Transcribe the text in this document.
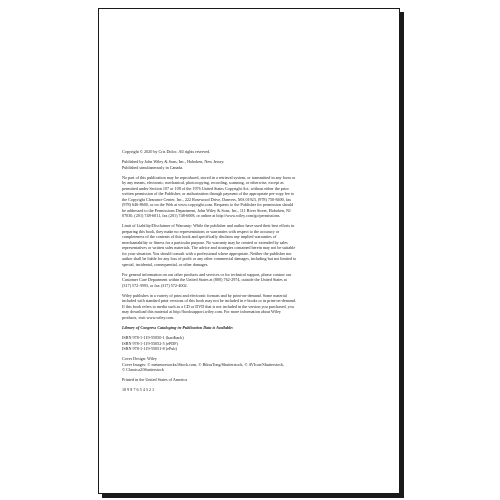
Copyright © 2020 by Cris Doloc. All rights reserved.

Published by John Wiley & Sons, Inc., Hoboken, New Jersey.
Published simultaneously in Canada.

No part of this publication may be reproduced, stored in a retrieval system, or transmitted in any form or
by any means, electronic, mechanical, photocopying, recording, scanning, or otherwise, except as
permitted under Section 107 or 108 of the 1976 United States Copyright Act, without either the prior
written permission of the Publisher, or authorization through payment of the appropriate per-copy fee to
the Copyright Clearance Center, Inc., 222 Rosewood Drive, Danvers, MA 01923, (978) 750-8400, fax
(978) 646-8600, or on the Web at www.copyright.com. Requests to the Publisher for permission should
be addressed to the Permissions Department, John Wiley & Sons, Inc., 111 River Street, Hoboken, NJ
07030, (201) 748-6011, fax (201) 748-6008, or online at http://www.wiley.com/go/permissions.

Limit of Liability/Disclaimer of Warranty: While the publisher and author have used their best efforts in
preparing this book, they make no representations or warranties with respect to the accuracy or
completeness of the contents of this book and specifically disclaim any implied warranties of
merchantability or fitness for a particular purpose. No warranty may be created or extended by sales
representatives or written sales materials. The advice and strategies contained herein may not be suitable
for your situation. You should consult with a professional where appropriate. Neither the publisher nor
author shall be liable for any loss of profit or any other commercial damages, including but not limited to
special, incidental, consequential, or other damages.

For general information on our other products and services or for technical support, please contact our
Customer Care Department within the United States at (800) 762-2974, outside the United States at
(317) 572-3993, or fax (317) 572-4002.

Wiley publishes in a variety of print and electronic formats and by print-on-demand. Some material
included with standard print versions of this book may not be included in e-books or in print-on-demand.
If this book refers to media such as a CD or DVD that is not included in the version you purchased, you
may download this material at http://booksupport.wiley.com. For more information about Wiley
products, visit www.wiley.com.

Library of Congress Cataloging-in-Publication Data is Available:

ISBN 978-1-119-55050-1 (hardback)
ISBN 978-1-119-55052-5 (ePDF)
ISBN 978-1-119-55051-8 (ePub)

Cover Design: Wiley
Cover Images: © metamorworks/iStock.com, © BiksuTong/Shutterstock, © AVIcon/Shutterstock,
© Classica2/Shutterstock

Printed in the United States of America

10 9 8 7 6 5 4 3 2 1
